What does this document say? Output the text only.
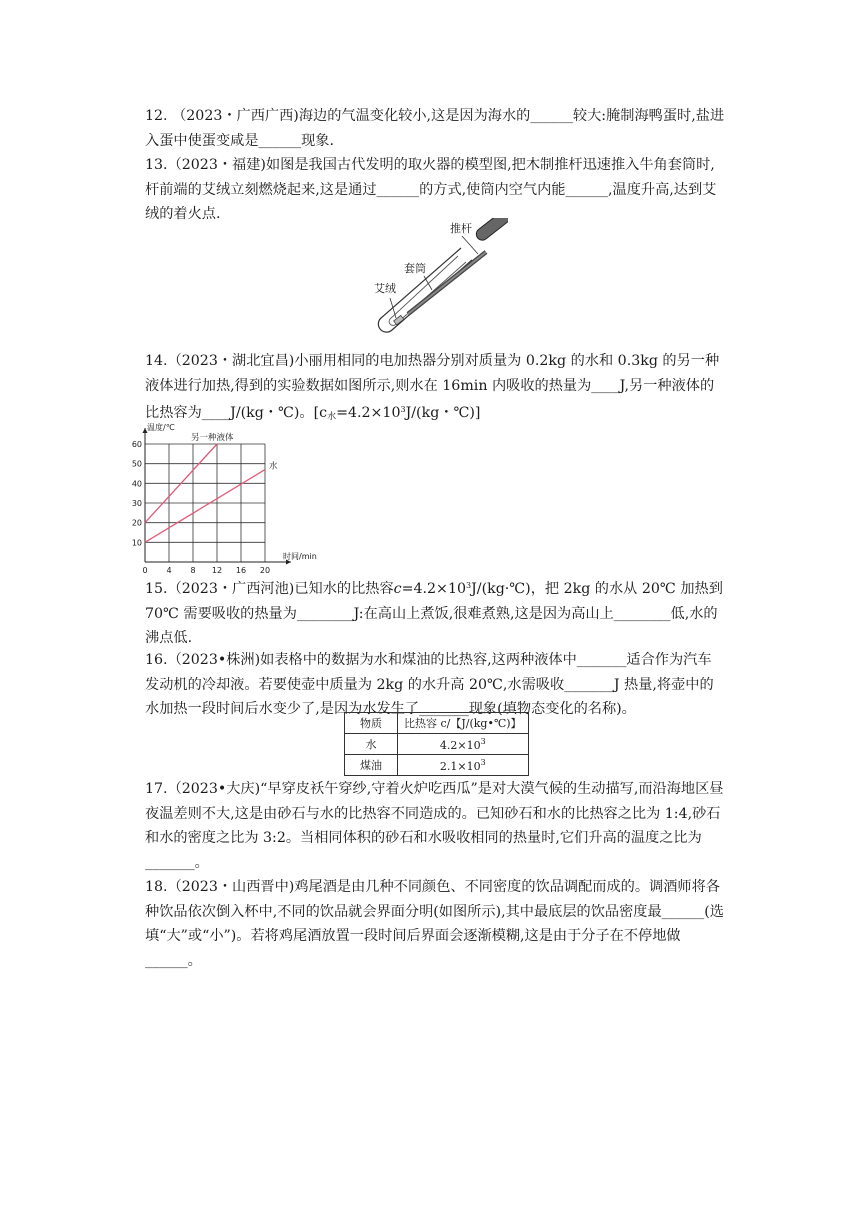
12. （2023・广西广西)海边的气温变化较小,这是因为海水的______较大:腌制海鸭蛋时,盐进入蛋中使蛋变咸是______现象.

13.（2023・福建)如图是我国古代发明的取火器的模型图,把木制推杆迅速推入牛角套筒时,杆前端的艾绒立刻燃烧起来,这是通过______的方式,使筒内空气内能______,温度升高,达到艾绒的着火点.

推杆
套筒
艾绒

14.（2023・湖北宜昌)小丽用相同的电加热器分别对质量为 0.2kg 的水和 0.3kg 的另一种液体进行加热,得到的实验数据如图所示,则水在 16min 内吸收的热量为____J,另一种液体的比热容为____J/(kg・℃)。[$c_水=4.2\times 10^3J/(kg$・℃)]

0 4 8 12 16 20
10
20
30
40
50
60
另一种液体
水
温度/℃
时间/min

15.（2023・广西河池)已知水的比热容$c=4.2\times 10^3J/(kg\cdot℃)$，把 2kg 的水从 20℃ 加热到 70℃ 需要吸收的热量为________J:在高山上煮饭,很难煮熟,这是因为高山上________低,水的沸点低.

16.（2023•株洲)如表格中的数据为水和煤油的比热容,这两种液体中_______适合作为汽车发动机的冷却液。若要使壶中质量为 2kg 的水升高 20℃,水需吸收_______J 热量,将壶中的水加热一段时间后水变少了,是因为水发生了_______现象(填物态变化的名称)。

物质	比热容 c/【J/(kg•℃)】
水	$4.2\times 10^3$
煤油	$2.1\times 10^3$

17.（2023•大庆)“早穿皮袄午穿纱,守着火炉吃西瓜”是对大漠气候的生动描写,而沿海地区昼夜温差则不大,这是由砂石与水的比热容不同造成的。已知砂石和水的比热容之比为 1:4,砂石和水的密度之比为 3:2。当相同体积的砂石和水吸收相同的热量时,它们升高的温度之比为_______。

18.（2023・山西晋中)鸡尾酒是由几种不同颜色、不同密度的饮品调配而成的。调酒师将各种饮品依次倒入杯中,不同的饮品就会界面分明(如图所示),其中最底层的饮品密度最______(选填“大”或“小”)。若将鸡尾酒放置一段时间后界面会逐渐模糊,这是由于分子在不停地做______。
